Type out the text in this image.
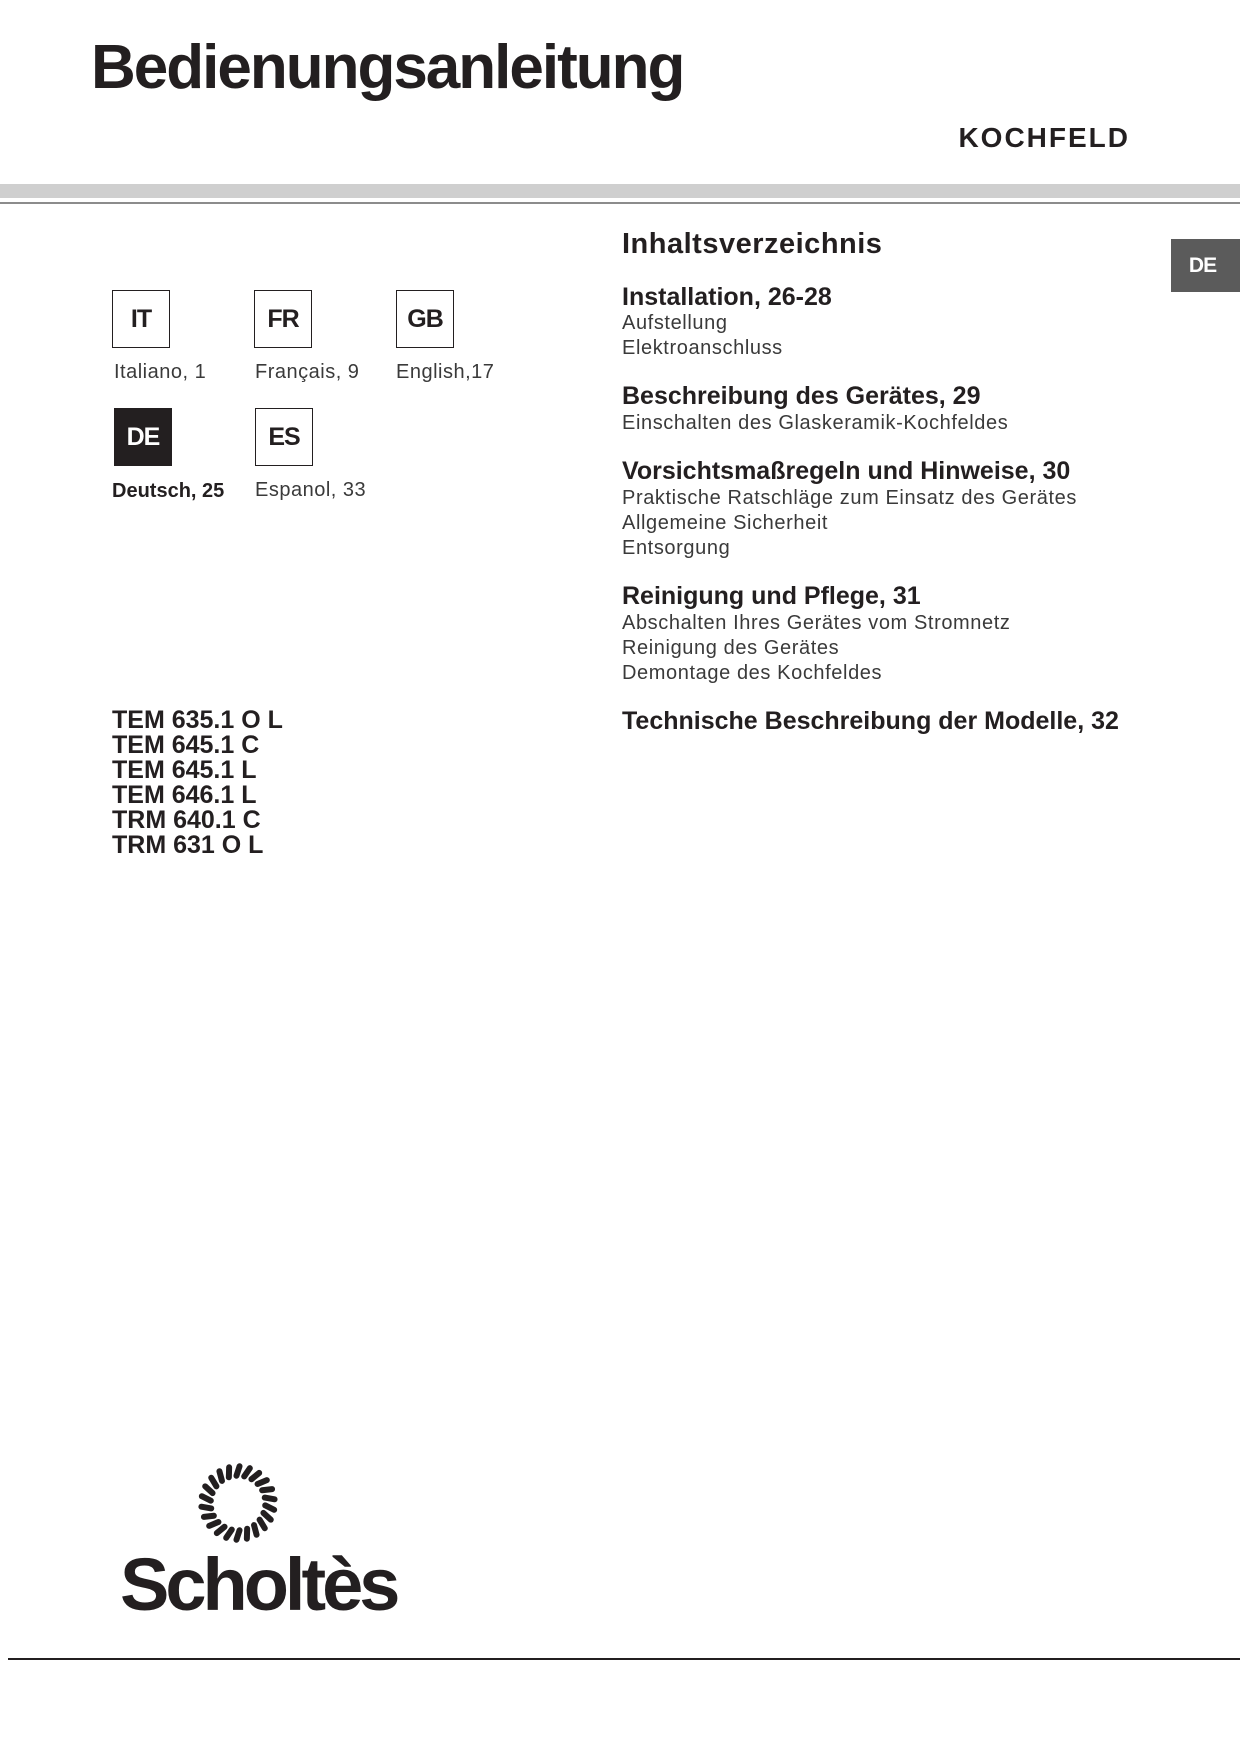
Bedienungsanleitung
KOCHFELD
DE
IT
Italiano, 1
FR
Français, 9
GB
English,17
DE
Deutsch, 25
ES
Espanol, 33
TEM 635.1 O L
TEM 645.1 C
TEM 645.1 L
TEM 646.1 L
TRM 640.1 C
TRM 631 O L
Inhaltsverzeichnis
Installation, 26-28
Aufstellung
Elektroanschluss
Beschreibung des Gerätes, 29
Einschalten des Glaskeramik-Kochfeldes
Vorsichtsmaßregeln und Hinweise, 30
Praktische Ratschläge zum Einsatz des Gerätes
Allgemeine Sicherheit
Entsorgung
Reinigung und Pflege, 31
Abschalten Ihres Gerätes vom Stromnetz
Reinigung des Gerätes
Demontage des Kochfeldes
Technische Beschreibung der Modelle, 32
Scholtès
